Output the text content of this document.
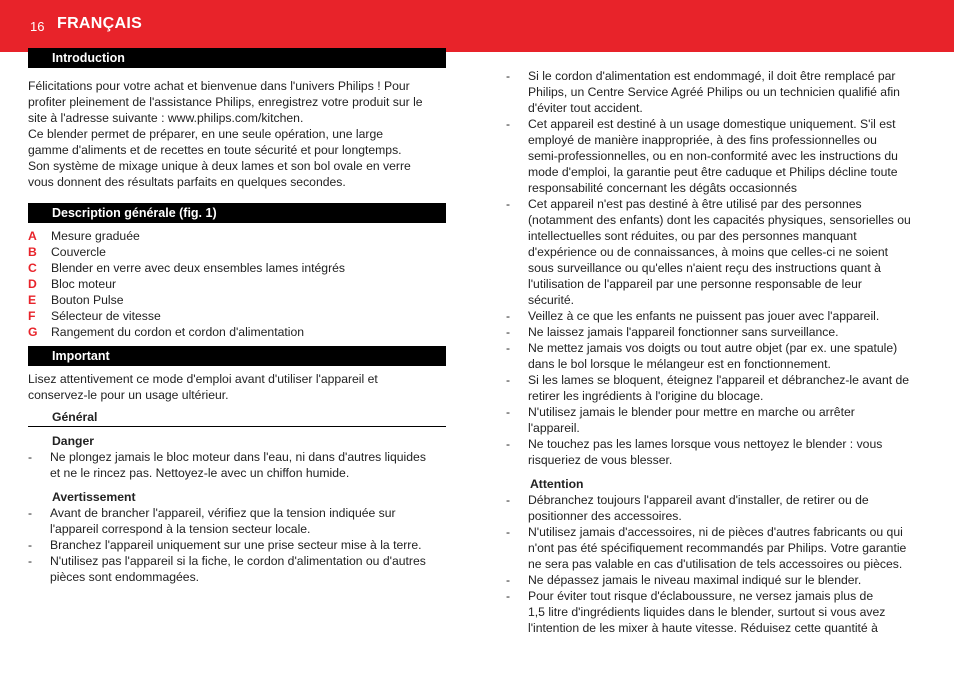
16 FRANÇAIS
Introduction
Félicitations pour votre achat et bienvenue dans l'univers Philips ! Pour
profiter pleinement de l'assistance Philips, enregistrez votre produit sur le
site à l'adresse suivante : www.philips.com/kitchen.
Ce blender permet de préparer, en une seule opération, une large
gamme d'aliments et de recettes en toute sécurité et pour longtemps.
Son système de mixage unique à deux lames et son bol ovale en verre
vous donnent des résultats parfaits en quelques secondes.
Description générale (fig. 1)
A	Mesure graduée
B	Couvercle
C	Blender en verre avec deux ensembles lames intégrés
D	Bloc moteur
E	Bouton Pulse
F	Sélecteur de vitesse
G	Rangement du cordon et cordon d'alimentation
Important
Lisez attentivement ce mode d'emploi avant d'utiliser l'appareil et
conservez-le pour un usage ultérieur.
Général
Danger
-	Ne plongez jamais le bloc moteur dans l'eau, ni dans d'autres liquides
et ne le rincez pas. Nettoyez-le avec un chiffon humide.
Avertissement
-	Avant de brancher l'appareil, vérifiez que la tension indiquée sur
l'appareil correspond à la tension secteur locale.
-	Branchez l'appareil uniquement sur une prise secteur mise à la terre.
-	N'utilisez pas l'appareil si la fiche, le cordon d'alimentation ou d'autres
pièces sont endommagées.
-	Si le cordon d'alimentation est endommagé, il doit être remplacé par
Philips, un Centre Service Agréé Philips ou un technicien qualifié afin
d'éviter tout accident.
-	Cet appareil est destiné à un usage domestique uniquement. S'il est
employé de manière inappropriée, à des fins professionnelles ou
semi-professionnelles, ou en non-conformité avec les instructions du
mode d'emploi, la garantie peut être caduque et Philips décline toute
responsabilité concernant les dégâts occasionnés
-	Cet appareil n'est pas destiné à être utilisé par des personnes
(notamment des enfants) dont les capacités physiques, sensorielles ou
intellectuelles sont réduites, ou par des personnes manquant
d'expérience ou de connaissances, à moins que celles-ci ne soient
sous surveillance ou qu'elles n'aient reçu des instructions quant à
l'utilisation de l'appareil par une personne responsable de leur
sécurité.
-	Veillez à ce que les enfants ne puissent pas jouer avec l'appareil.
-	Ne laissez jamais l'appareil fonctionner sans surveillance.
-	Ne mettez jamais vos doigts ou tout autre objet (par ex. une spatule)
dans le bol lorsque le mélangeur est en fonctionnement.
-	Si les lames se bloquent, éteignez l'appareil et débranchez-le avant de
retirer les ingrédients à l'origine du blocage.
-	N'utilisez jamais le blender pour mettre en marche ou arrêter
l'appareil.
-	Ne touchez pas les lames lorsque vous nettoyez le blender : vous
risqueriez de vous blesser.
Attention
-	Débranchez toujours l'appareil avant d'installer, de retirer ou de
positionner des accessoires.
-	N'utilisez jamais d'accessoires, ni de pièces d'autres fabricants ou qui
n'ont pas été spécifiquement recommandés par Philips. Votre garantie
ne sera pas valable en cas d'utilisation de tels accessoires ou pièces.
-	Ne dépassez jamais le niveau maximal indiqué sur le blender.
-	Pour éviter tout risque d'éclaboussure, ne versez jamais plus de
1,5 litre d'ingrédients liquides dans le blender, surtout si vous avez
l'intention de les mixer à haute vitesse. Réduisez cette quantité à
